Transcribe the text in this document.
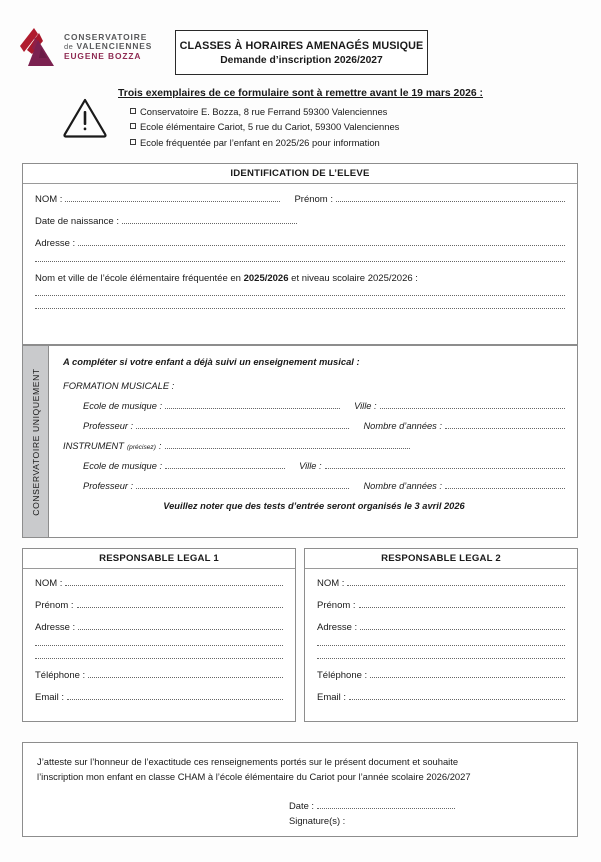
CONSERVATOIRE
de VALENCIENNES
EUGENE BOZZA
CLASSES À HORAIRES AMENAGÉS MUSIQUE
Demande d’inscription 2026/2027
Trois exemplaires de ce formulaire sont à remettre avant le 19 mars 2026 :
Conservatoire E. Bozza, 8 rue Ferrand 59300 Valenciennes
Ecole élémentaire Cariot, 5 rue du Cariot, 59300 Valenciennes
Ecole fréquentée par l’enfant en 2025/26 pour information
IDENTIFICATION DE L’ELEVE
NOM :	Prénom :
Date de naissance :
Adresse :
Nom et ville de l’école élémentaire fréquentée en 2025/2026 et niveau scolaire 2025/2026 :
CONSERVATOIRE UNIQUEMENT
A compléter si votre enfant a déjà suivi un enseignement musical :
FORMATION MUSICALE :
Ecole de musique :	Ville :
Professeur :	Nombre d’années :
INSTRUMENT (précisez) :
Ecole de musique :	Ville :
Professeur :	Nombre d’années :
Veuillez noter que des tests d’entrée seront organisés le 3 avril 2026
RESPONSABLE LEGAL 1
NOM :
Prénom :
Adresse :
Téléphone :
Email :
RESPONSABLE LEGAL 2
NOM :
Prénom :
Adresse :
Téléphone :
Email :
J’atteste sur l’honneur de l’exactitude ces renseignements portés sur le présent document et souhaite
l’inscription mon enfant en classe CHAM à l’école élémentaire du Cariot pour l’année scolaire 2026/2027
Date :
Signature(s) :
